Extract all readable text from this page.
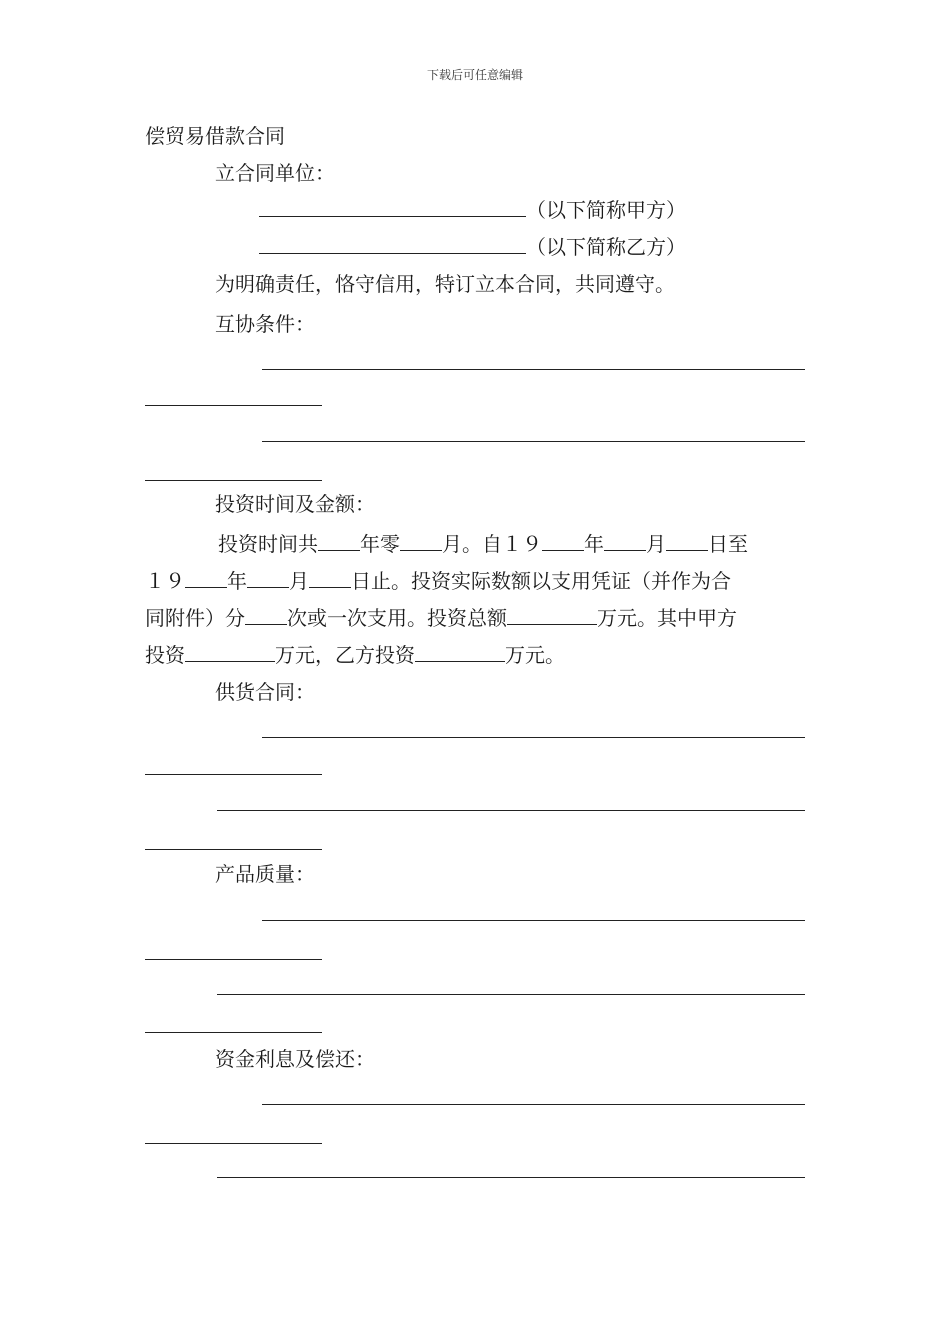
下载后可任意编辑
偿贸易借款合同
立合同单位：
（以下简称甲方）
（以下简称乙方）
为明确责任，恪守信用，特订立本合同，共同遵守。
互协条件：
投资时间及金额：
投资时间共 年零 月。自１９ 年 月 日至
１９ 年 月 日止。投资实际数额以支用凭证（并作为合
同附件）分 次或一次支用。投资总额	万元。其中甲方
投资	万元，乙方投资	万元。
供货合同：
产品质量：
资金利息及偿还：
